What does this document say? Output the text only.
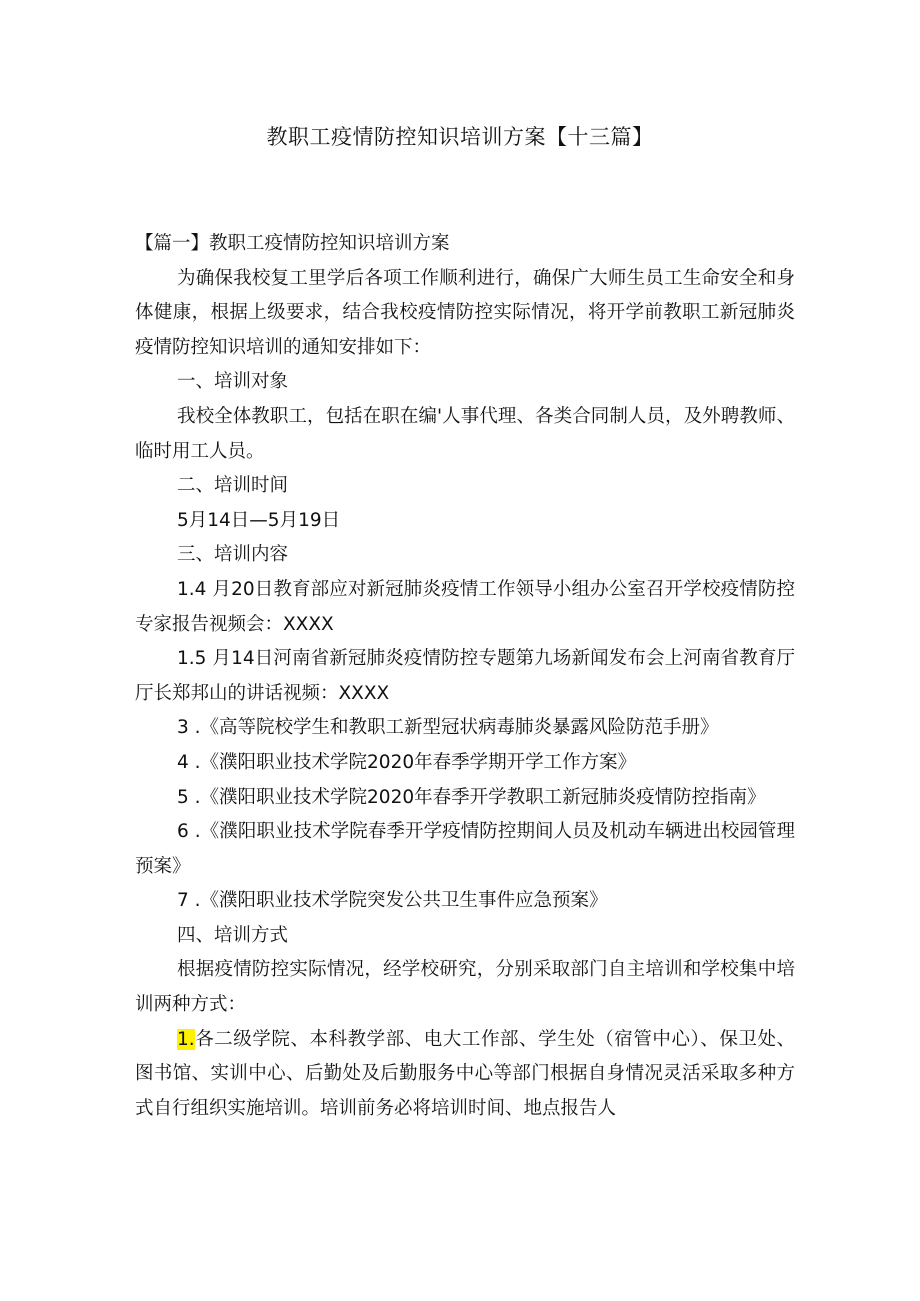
教职工疫情防控知识培训方案【十三篇】

【篇一】教职工疫情防控知识培训方案

为确保我校复工里学后各项工作顺利进行，确保广大师生员工生命安全和身体健康，根据上级要求，结合我校疫情防控实际情况，将开学前教职工新冠肺炎疫情防控知识培训的通知安排如下：

一、培训对象

我校全体教职工，包括在职在编'人事代理、各类合同制人员，及外聘教师、临时用工人员。

二、培训时间

5月14日—5月19日

三、培训内容

1.4 月20日教育部应对新冠肺炎疫情工作领导小组办公室召开学校疫情防控专家报告视频会：XXXX

1.5 月14日河南省新冠肺炎疫情防控专题第九场新闻发布会上河南省教育厅厅长郑邦山的讲话视频：XXXX

3 .《高等院校学生和教职工新型冠状病毒肺炎暴露风险防范手册》

4 .《濮阳职业技术学院2020年春季学期开学工作方案》

5 .《濮阳职业技术学院2020年春季开学教职工新冠肺炎疫情防控指南》

6 .《濮阳职业技术学院春季开学疫情防控期间人员及机动车辆进出校园管理预案》

7 .《濮阳职业技术学院突发公共卫生事件应急预案》

四、培训方式

根据疫情防控实际情况，经学校研究，分别采取部门自主培训和学校集中培训两种方式：

1.各二级学院、本科教学部、电大工作部、学生处（宿管中心）、保卫处、图书馆、实训中心、后勤处及后勤服务中心等部门根据自身情况灵活采取多种方式自行组织实施培训。培训前务必将培训时间、地点报告人
